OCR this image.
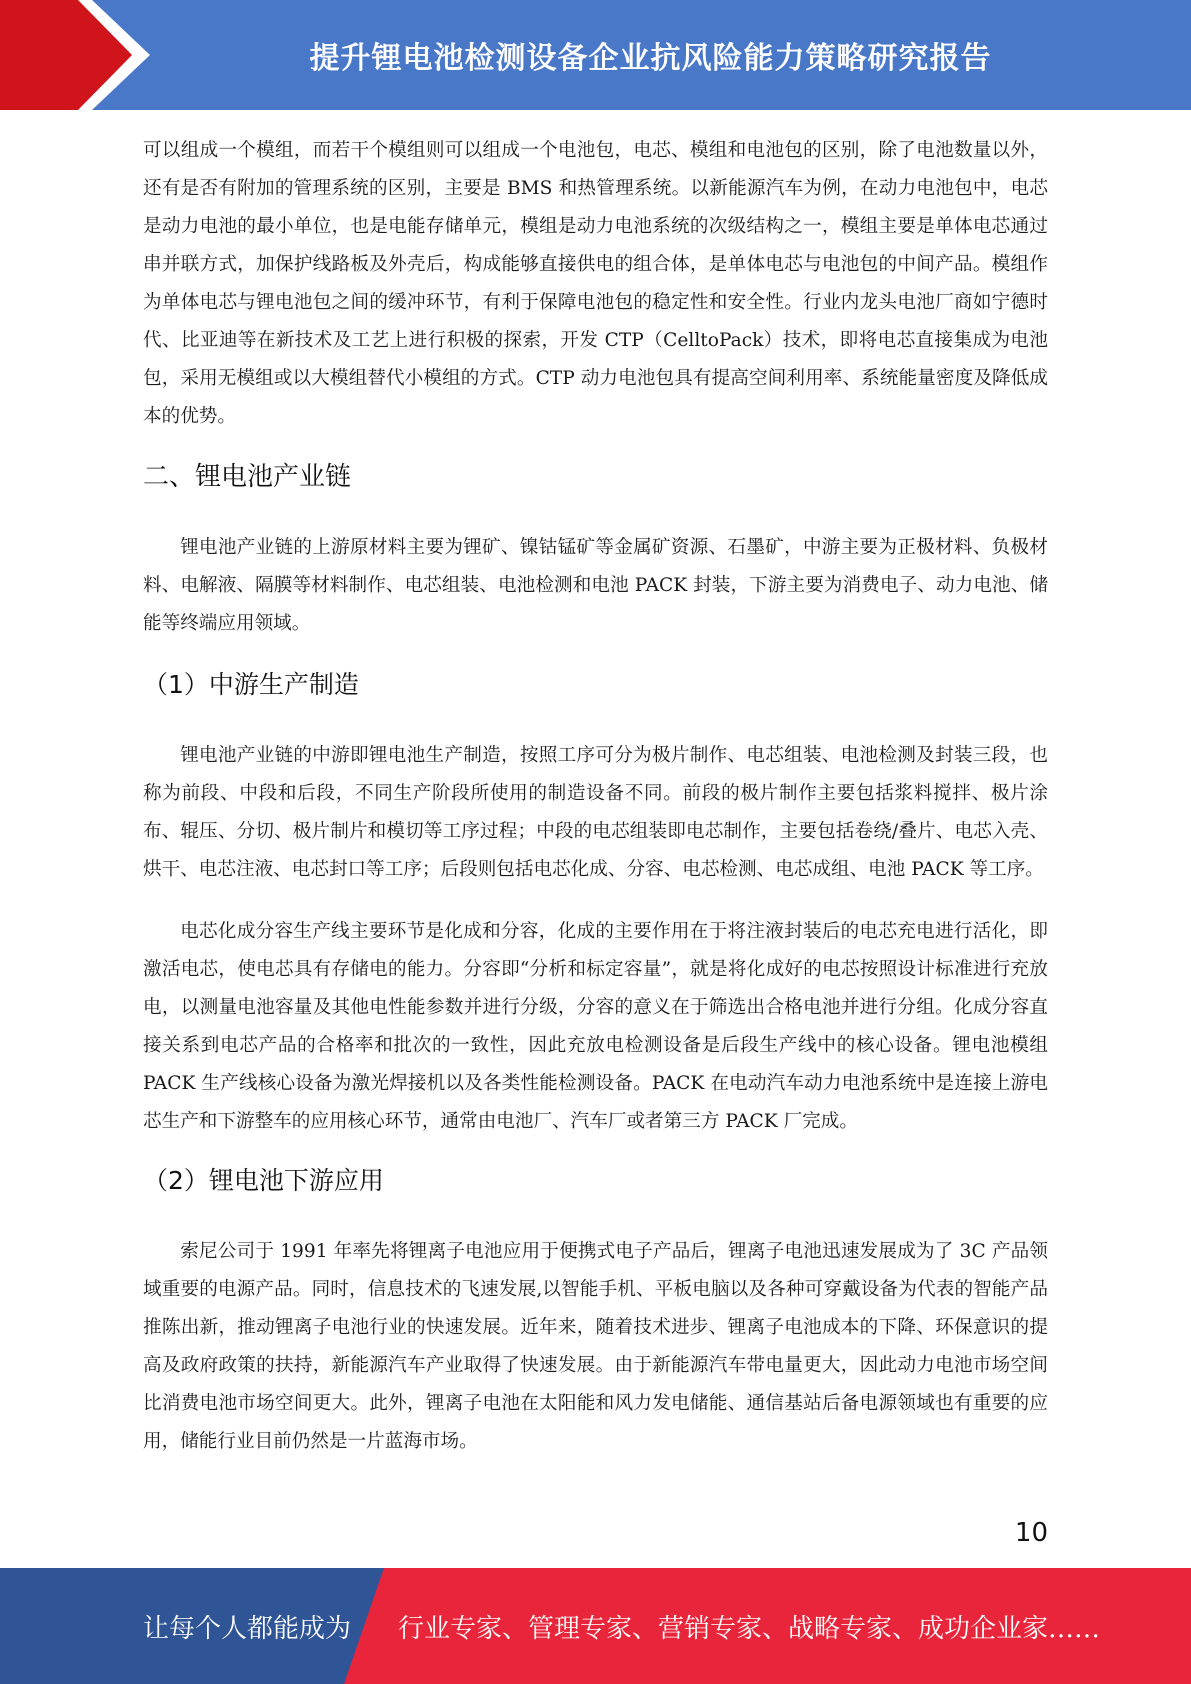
提升锂电池检测设备企业抗风险能力策略研究报告

可以组成一个模组，而若干个模组则可以组成一个电池包，电芯、模组和电池包的区别，除了电池数量以外，还有是否有附加的管理系统的区别，主要是 BMS 和热管理系统。以新能源汽车为例，在动力电池包中，电芯是动力电池的最小单位，也是电能存储单元，模组是动力电池系统的次级结构之一，模组主要是单体电芯通过串并联方式，加保护线路板及外壳后，构成能够直接供电的组合体，是单体电芯与电池包的中间产品。模组作为单体电芯与锂电池包之间的缓冲环节，有利于保障电池包的稳定性和安全性。行业内龙头电池厂商如宁德时代、比亚迪等在新技术及工艺上进行积极的探索，开发 CTP（CelltoPack）技术，即将电芯直接集成为电池包，采用无模组或以大模组替代小模组的方式。CTP 动力电池包具有提高空间利用率、系统能量密度及降低成本的优势。

二、锂电池产业链

锂电池产业链的上游原材料主要为锂矿、镍钴锰矿等金属矿资源、石墨矿，中游主要为正极材料、负极材料、电解液、隔膜等材料制作、电芯组装、电池检测和电池 PACK 封装，下游主要为消费电子、动力电池、储能等终端应用领域。

（1）中游生产制造

锂电池产业链的中游即锂电池生产制造，按照工序可分为极片制作、电芯组装、电池检测及封装三段，也称为前段、中段和后段，不同生产阶段所使用的制造设备不同。前段的极片制作主要包括浆料搅拌、极片涂布、辊压、分切、极片制片和模切等工序过程；中段的电芯组装即电芯制作，主要包括卷绕/叠片、电芯入壳、烘干、电芯注液、电芯封口等工序；后段则包括电芯化成、分容、电芯检测、电芯成组、电池 PACK 等工序。

电芯化成分容生产线主要环节是化成和分容，化成的主要作用在于将注液封装后的电芯充电进行活化，即激活电芯，使电芯具有存储电的能力。分容即“分析和标定容量”，就是将化成好的电芯按照设计标准进行充放电，以测量电池容量及其他电性能参数并进行分级，分容的意义在于筛选出合格电池并进行分组。化成分容直接关系到电芯产品的合格率和批次的一致性，因此充放电检测设备是后段生产线中的核心设备。锂电池模组 PACK 生产线核心设备为激光焊接机以及各类性能检测设备。PACK 在电动汽车动力电池系统中是连接上游电芯生产和下游整车的应用核心环节，通常由电池厂、汽车厂或者第三方 PACK 厂完成。

（2）锂电池下游应用

索尼公司于 1991 年率先将锂离子电池应用于便携式电子产品后，锂离子电池迅速发展成为了 3C 产品领域重要的电源产品。同时，信息技术的飞速发展,以智能手机、平板电脑以及各种可穿戴设备为代表的智能产品推陈出新，推动锂离子电池行业的快速发展。近年来，随着技术进步、锂离子电池成本的下降、环保意识的提高及政府政策的扶持，新能源汽车产业取得了快速发展。由于新能源汽车带电量更大，因此动力电池市场空间比消费电池市场空间更大。此外，锂离子电池在太阳能和风力发电储能、通信基站后备电源领域也有重要的应用，储能行业目前仍然是一片蓝海市场。

10
让每个人都能成为 行业专家、管理专家、营销专家、战略专家、成功企业家……
